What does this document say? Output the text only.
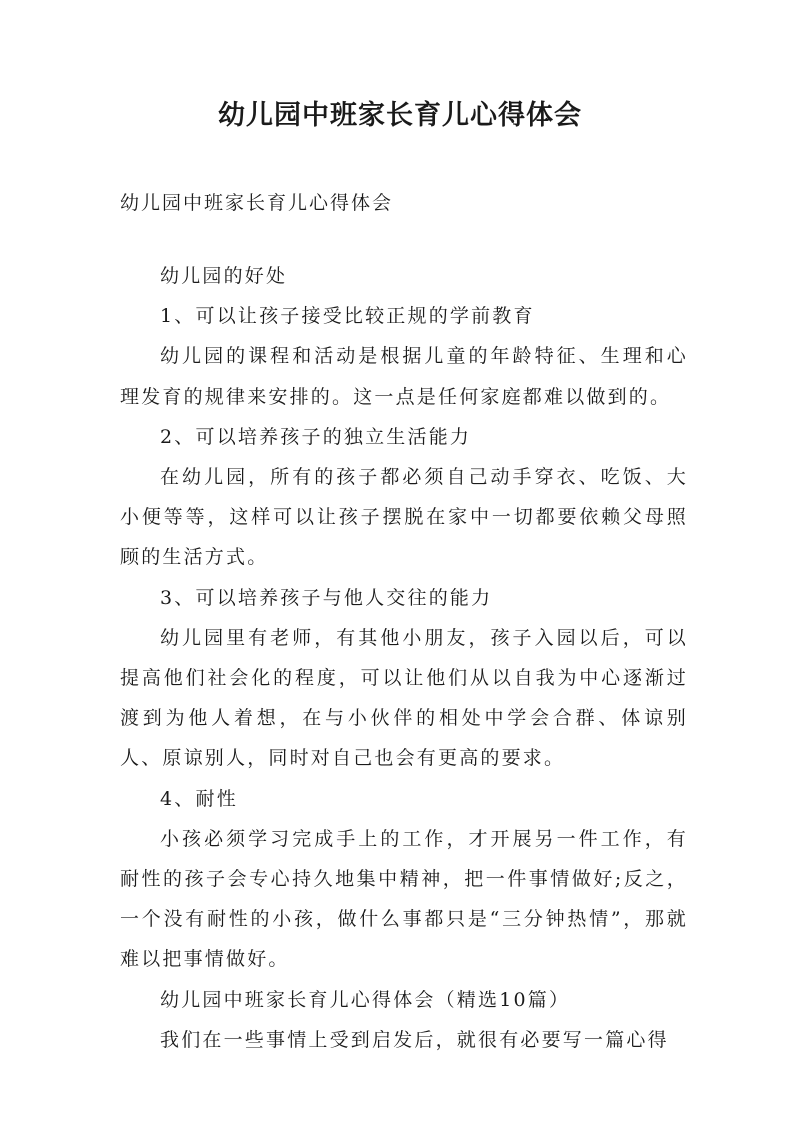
幼儿园中班家长育儿心得体会

幼儿园中班家长育儿心得体会

幼儿园的好处

1、可以让孩子接受比较正规的学前教育

幼儿园的课程和活动是根据儿童的年龄特征、生理和心理发育的规律来安排的。这一点是任何家庭都难以做到的。

2、可以培养孩子的独立生活能力

在幼儿园，所有的孩子都必须自己动手穿衣、吃饭、大小便等等，这样可以让孩子摆脱在家中一切都要依赖父母照顾的生活方式。

3、可以培养孩子与他人交往的能力

幼儿园里有老师，有其他小朋友，孩子入园以后，可以提高他们社会化的程度，可以让他们从以自我为中心逐渐过渡到为他人着想，在与小伙伴的相处中学会合群、体谅别人、原谅别人，同时对自己也会有更高的要求。

4、耐性

小孩必须学习完成手上的工作，才开展另一件工作，有耐性的孩子会专心持久地集中精神，把一件事情做好;反之，一个没有耐性的小孩，做什么事都只是“三分钟热情”，那就难以把事情做好。

幼儿园中班家长育儿心得体会（精选10篇）

我们在一些事情上受到启发后，就很有必要写一篇心得
